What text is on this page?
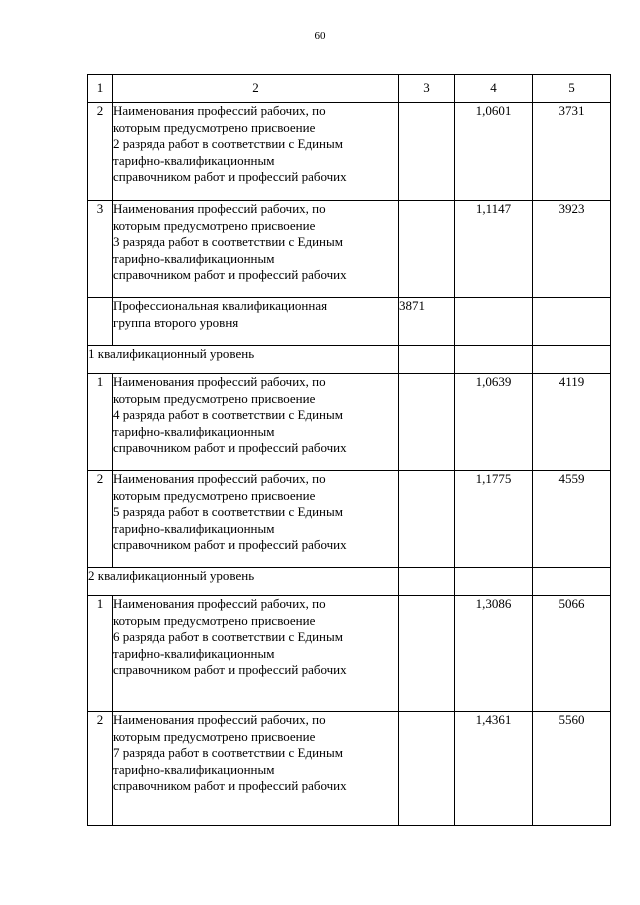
60
1	2	3	4	5
2	Наименования профессий рабочих, по
которым предусмотрено присвоение
2 разряда работ в соответствии с Единым
тарифно-квалификационным
справочником работ и профессий рабочих		1,0601	3731
3	Наименования профессий рабочих, по
которым предусмотрено присвоение
3 разряда работ в соответствии с Единым
тарифно-квалификационным
справочником работ и профессий рабочих		1,1147	3923

	Профессиональная квалификационная
группа второго уровня	3871		
1 квалификационный уровень				
1	Наименования профессий рабочих, по
которым предусмотрено присвоение
4 разряда работ в соответствии с Единым
тарифно-квалификационным
справочником работ и профессий рабочих		1,0639	4119
2	Наименования профессий рабочих, по
которым предусмотрено присвоение
5 разряда работ в соответствии с Единым
тарифно-квалификационным
справочником работ и профессий рабочих		1,1775	4559
2 квалификационный уровень				
1	Наименования профессий рабочих, по
которым предусмотрено присвоение
6 разряда работ в соответствии с Единым
тарифно-квалификационным
справочником работ и профессий рабочих		1,3086	5066
2	Наименования профессий рабочих, по
которым предусмотрено присвоение
7 разряда работ в соответствии с Единым
тарифно-квалификационным
справочником работ и профессий рабочих		1,4361	5560
